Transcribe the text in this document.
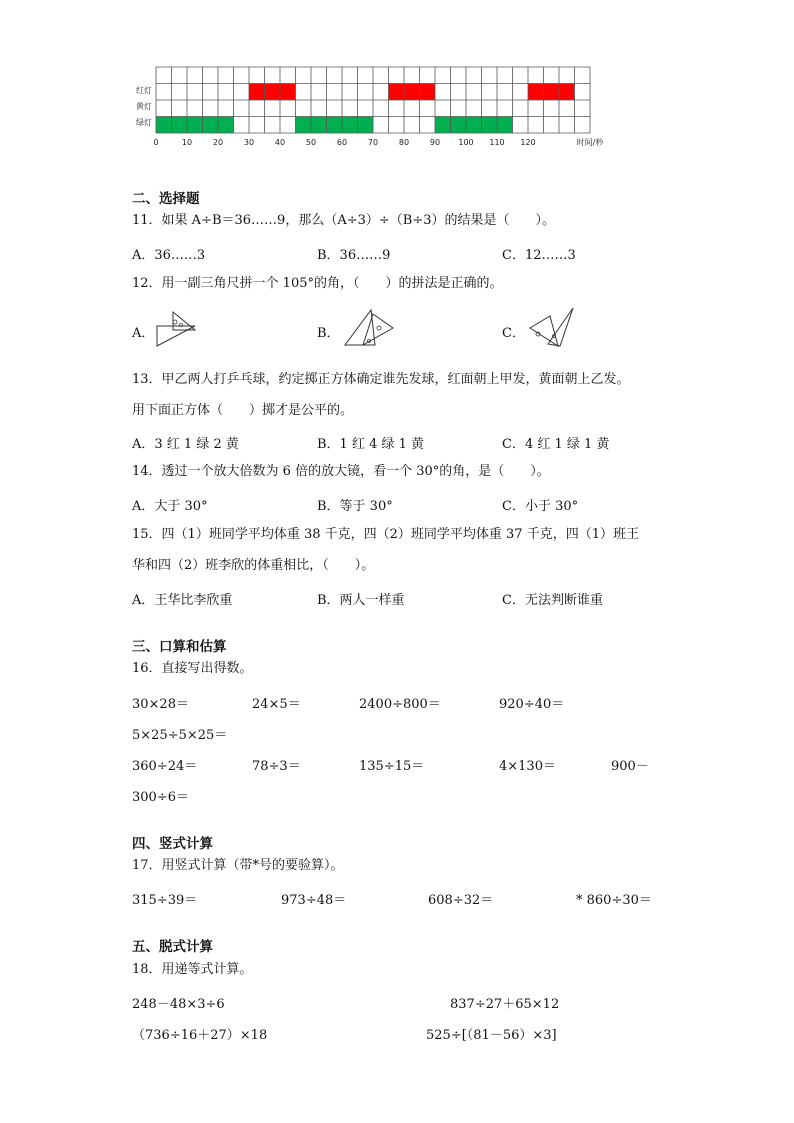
红灯
黄灯
绿灯
0	10	20	30	40	50	60	70	80	90 100 110 120	时间/秒
二、选择题
11．如果 A÷B＝36……9，那么（A÷3）÷（B÷3）的结果是（　　）。
A．36……3	B．36……9	C．12……3
12．用一副三角尺拼一个 105°的角，（　　）的拼法是正确的。
A．	B．	C．
13．甲乙两人打乒乓球，约定掷正方体确定谁先发球，红面朝上甲发，黄面朝上乙发。
用下面正方体（　　）掷才是公平的。
A．3 红 1 绿 2 黄	B．1 红 4 绿 1 黄	C．4 红 1 绿 1 黄
14．透过一个放大倍数为 6 倍的放大镜，看一个 30°的角，是（　　）。
A．大于 30°	B．等于 30°	C．小于 30°
15．四（1）班同学平均体重 38 千克，四（2）班同学平均体重 37 千克，四（1）班王
华和四（2）班李欣的体重相比，（　　）。
A．王华比李欣重	B．两人一样重	C．无法判断谁重
三、口算和估算
16．直接写出得数。
30×28＝	24×5＝	2400÷800＝	920÷40＝
5×25÷5×25＝
360÷24＝	78÷3＝	135÷15＝	4×130＝	900－
300÷6＝
四、竖式计算
17．用竖式计算（带*号的要验算）。
315÷39＝	973÷48＝	608÷32＝	* 860÷30＝
五、脱式计算
18．用递等式计算。
248－48×3÷6	837÷27＋65×12
（736÷16＋27）×18	525÷[（81－56）×3]
